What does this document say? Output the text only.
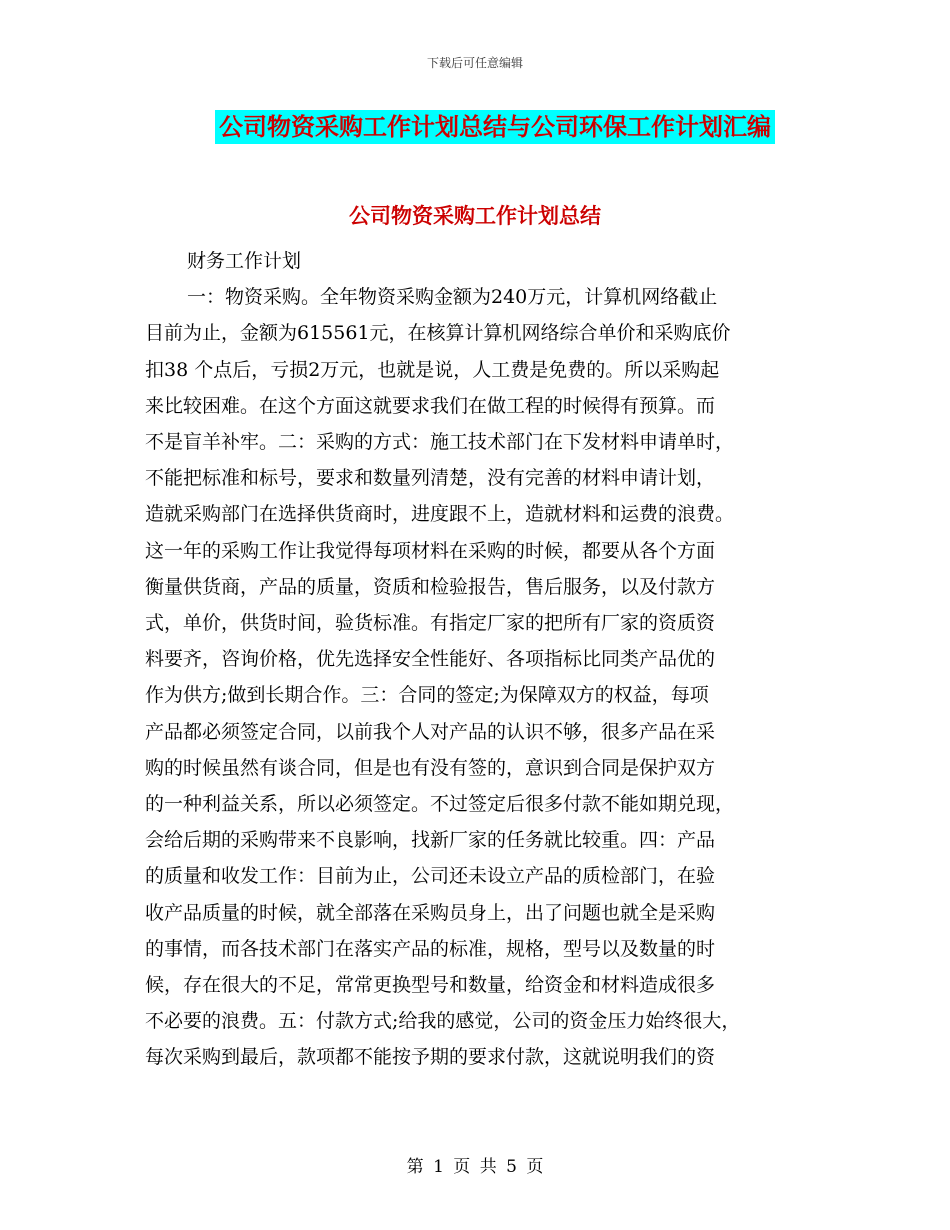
下载后可任意编辑
公司物资采购工作计划总结与公司环保工作计划汇编
公司物资采购工作计划总结
财务工作计划
一：物资采购。全年物资采购金额为240万元，计算机网络截止
目前为止，金额为615561元，在核算计算机网络综合单价和采购底价
扣38 个点后，亏损2万元，也就是说，人工费是免费的。所以采购起
来比较困难。在这个方面这就要求我们在做工程的时候得有预算。而
不是盲羊补牢。二：采购的方式：施工技术部门在下发材料申请单时，
不能把标准和标号，要求和数量列清楚，没有完善的材料申请计划，
造就采购部门在选择供货商时，进度跟不上，造就材料和运费的浪费。
这一年的采购工作让我觉得每项材料在采购的时候，都要从各个方面
衡量供货商，产品的质量，资质和检验报告，售后服务，以及付款方
式，单价，供货时间，验货标准。有指定厂家的把所有厂家的资质资
料要齐，咨询价格，优先选择安全性能好、各项指标比同类产品优的
作为供方;做到长期合作。三：合同的签定;为保障双方的权益，每项
产品都必须签定合同，以前我个人对产品的认识不够，很多产品在采
购的时候虽然有谈合同，但是也有没有签的，意识到合同是保护双方
的一种利益关系，所以必须签定。不过签定后很多付款不能如期兑现，
会给后期的采购带来不良影响，找新厂家的任务就比较重。四：产品
的质量和收发工作：目前为止，公司还未设立产品的质检部门，在验
收产品质量的时候，就全部落在采购员身上，出了问题也就全是采购
的事情，而各技术部门在落实产品的标准，规格，型号以及数量的时
候，存在很大的不足，常常更换型号和数量，给资金和材料造成很多
不必要的浪费。五：付款方式;给我的感觉，公司的资金压力始终很大，
每次采购到最后，款项都不能按予期的要求付款，这就说明我们的资
第 1 页 共 5 页
